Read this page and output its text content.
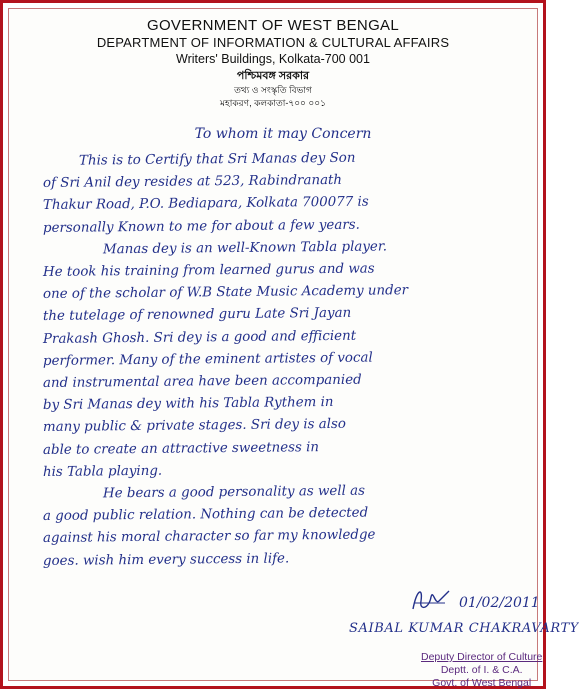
GOVERNMENT OF WEST BENGAL
DEPARTMENT OF INFORMATION & CULTURAL AFFAIRS
Writers' Buildings, Kolkata-700 001
পশ্চিমবঙ্গ সরকার
তথ্য ও সংস্কৃতি বিভাগ
মহাকরণ, কলকাতা-৭০০ ০০১
To whom it may Concern
This is to Certify that Sri Manas dey Son
of Sri Anil dey resides at 523, Rabindranath
Thakur Road, P.O. Bediapara, Kolkata 700077 is
personally Known to me for about a few years.
Manas dey is an well-Known Tabla player.
He took his training from learned gurus and was
one of the scholar of W.B State Music Academy under
the tutelage of renowned guru Late Sri Jayan
Prakash Ghosh. Sri dey is a good and efficient
performer. Many of the eminent artistes of vocal
and instrumental area have been accompanied
by Sri Manas dey with his Tabla Rythem in
many public & private stages. Sri dey is also
able to create an attractive sweetness in
his Tabla playing.
He bears a good personality as well as
a good public relation. Nothing can be detected
against his moral character so far my knowledge
goes. wish him every success in life.
01/02/2011
SAIBAL KUMAR CHAKRAVARTY
Deputy Director of Culture
Deptt. of I. & C.A.
Govt. of West Bengal
